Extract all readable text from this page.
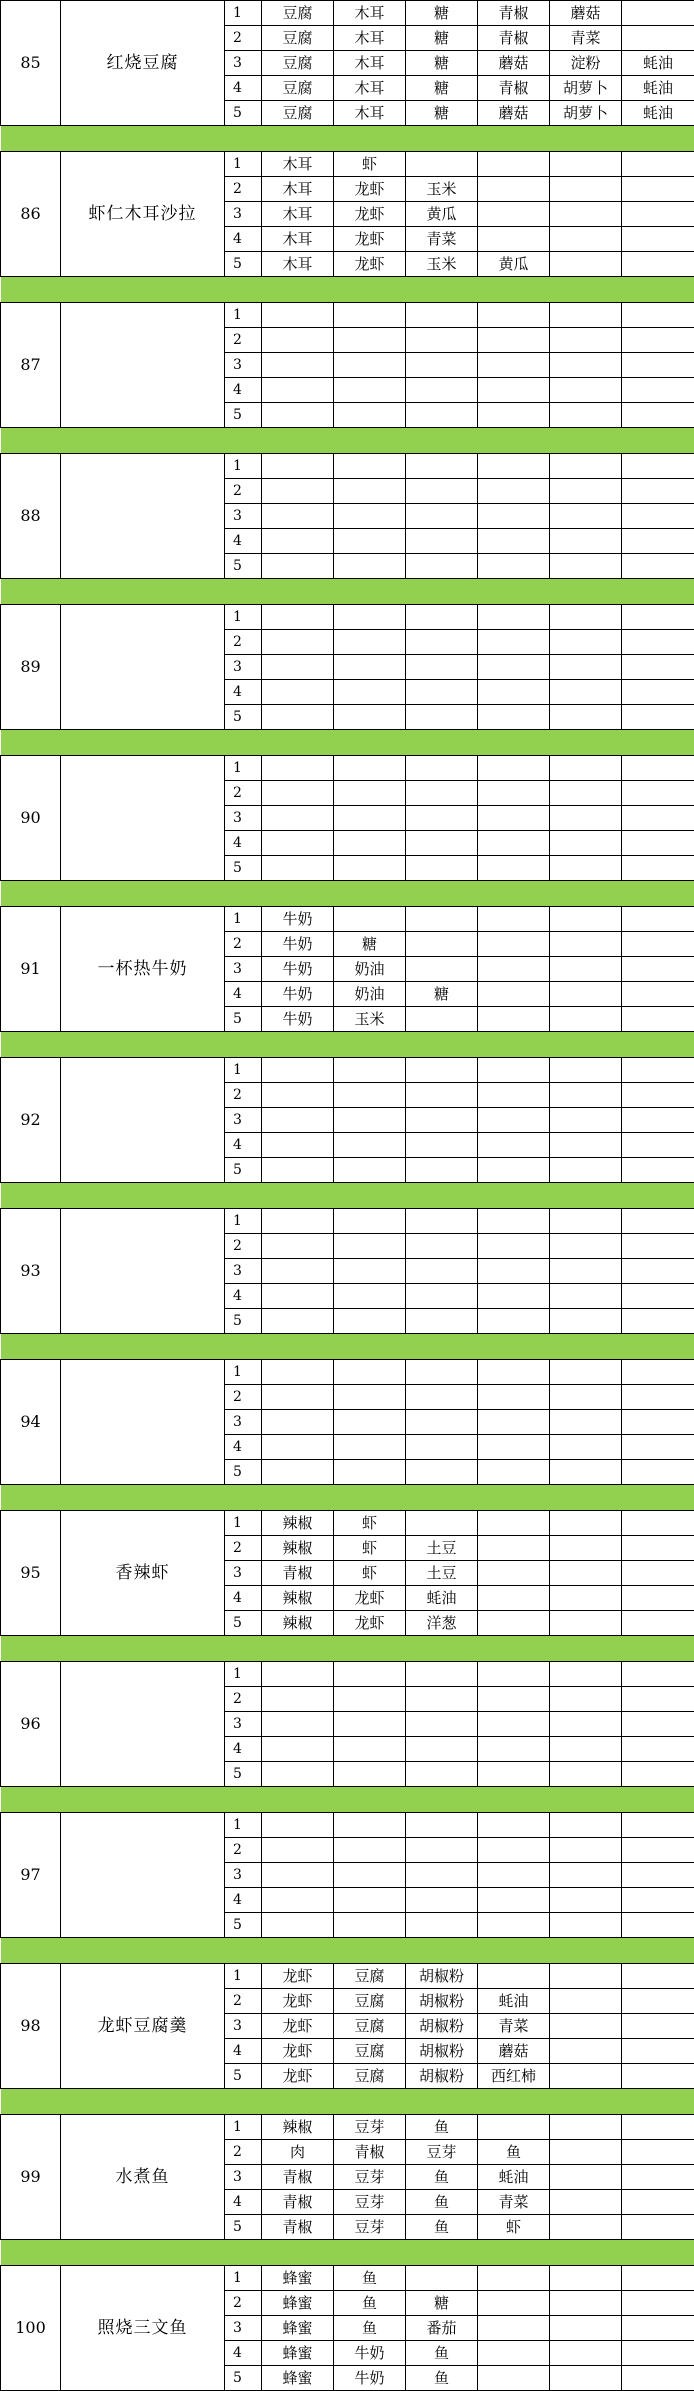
85	红烧豆腐	1	豆腐	木耳	糖	青椒	蘑菇	
		2	豆腐	木耳	糖	青椒	青菜	
		3	豆腐	木耳	糖	蘑菇	淀粉	蚝油
		4	豆腐	木耳	糖	青椒	胡萝卜	蚝油
		5	豆腐	木耳	糖	蘑菇	胡萝卜	蚝油

86	虾仁木耳沙拉	1	木耳	虾				
		2	木耳	龙虾	玉米			
		3	木耳	龙虾	黄瓜			
		4	木耳	龙虾	青菜			
		5	木耳	龙虾	玉米	黄瓜		

87		1						
		2						
		3						
		4						
		5						

88		1						
		2						
		3						
		4						
		5						

89		1						
		2						
		3						
		4						
		5						

90		1						
		2						
		3						
		4						
		5						

91	一杯热牛奶	1	牛奶					
		2	牛奶	糖				
		3	牛奶	奶油				
		4	牛奶	奶油	糖			
		5	牛奶	玉米				

92		1						
		2						
		3						
		4						
		5						

93		1						
		2						
		3						
		4						
		5						

94		1						
		2						
		3						
		4						
		5						

95	香辣虾	1	辣椒	虾				
		2	辣椒	虾	土豆			
		3	青椒	虾	土豆			
		4	辣椒	龙虾	蚝油			
		5	辣椒	龙虾	洋葱			

96		1						
		2						
		3						
		4						
		5						

97		1						
		2						
		3						
		4						
		5						

98	龙虾豆腐羹	1	龙虾	豆腐	胡椒粉			
		2	龙虾	豆腐	胡椒粉	蚝油		
		3	龙虾	豆腐	胡椒粉	青菜		
		4	龙虾	豆腐	胡椒粉	蘑菇		
		5	龙虾	豆腐	胡椒粉	西红柿		

99	水煮鱼	1	辣椒	豆芽	鱼			
		2	肉	青椒	豆芽	鱼		
		3	青椒	豆芽	鱼	蚝油		
		4	青椒	豆芽	鱼	青菜		
		5	青椒	豆芽	鱼	虾		

100	照烧三文鱼	1	蜂蜜	鱼				
		2	蜂蜜	鱼	糖			
		3	蜂蜜	鱼	番茄			
		4	蜂蜜	牛奶	鱼			
		5	蜂蜜	牛奶	鱼			
